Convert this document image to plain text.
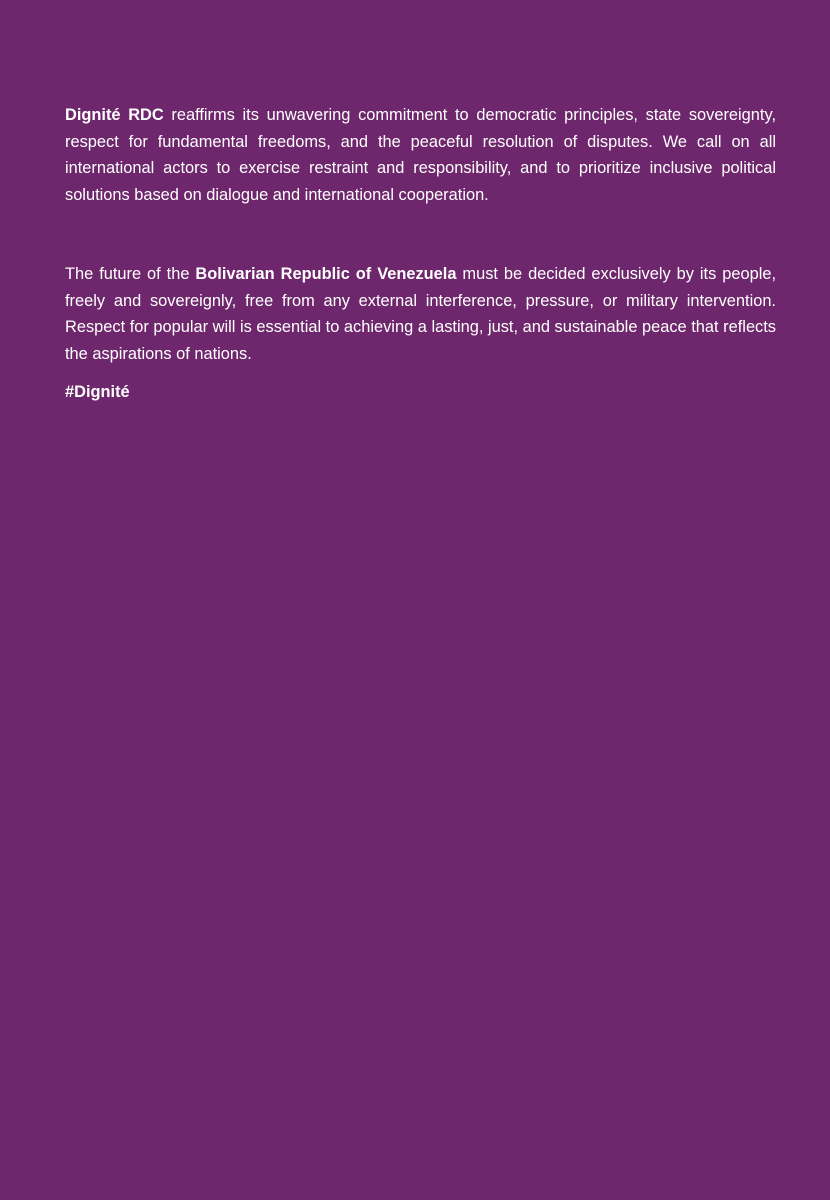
Dignité RDC reaffirms its unwavering commitment to democratic principles, state sovereignty, respect for fundamental freedoms, and the peaceful resolution of disputes. We call on all international actors to exercise restraint and responsibility, and to prioritize inclusive political solutions based on dialogue and international cooperation.

The future of the Bolivarian Republic of Venezuela must be decided exclusively by its people, freely and sovereignly, free from any external interference, pressure, or military intervention. Respect for popular will is essential to achieving a lasting, just, and sustainable peace that reflects the aspirations of nations.

#Dignité
